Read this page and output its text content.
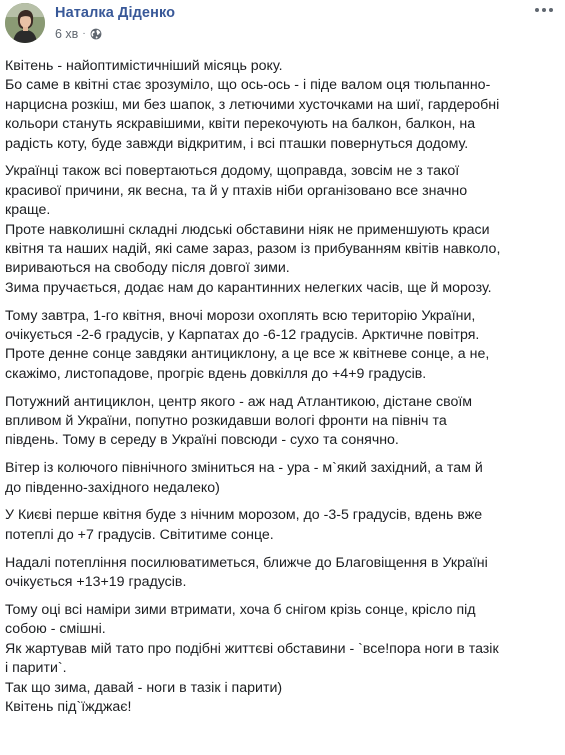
Наталка Діденко
6 хв ·

Квітень - найоптимістичніший місяць року.
Бо саме в квітні стає зрозуміло, що ось-ось - і піде валом оця тюльпанно-
нарцисна розкіш, ми без шапок, з летючими хусточками на шиї, гардеробні
кольори стануть яскравішими, квіти перекочують на балкон, балкон, на
радість коту, буде завжди відкритим, і всі пташки повернуться додому.

Українці також всі повертаються додому, щоправда, зовсім не з такої
красивої причини, як весна, та й у птахів ніби організовано все значно
краще.
Проте навколишні складні людські обставини ніяк не применшують краси
квітня та наших надій, які саме зараз, разом із прибуванням квітів навколо,
вириваються на свободу після довгої зими.
Зима пручається, додає нам до карантинних нелегких часів, ще й морозу.

Тому завтра, 1-го квітня, вночі морози охоплять всю територію України,
очікується -2-6 градусів, у Карпатах до -6-12 градусів. Арктичне повітря.
Проте денне сонце завдяки антициклону, а це все ж квітневе сонце, а не,
скажімо, листопадове, прогріє вдень довкілля до +4+9 градусів.

Потужний антициклон, центр якого - аж над Атлантикою, дістане своїм
впливом й України, попутно розкидавши вологі фронти на північ та
південь. Тому в середу в Україні повсюди - сухо та сонячно.

Вітер із колючого північного зміниться на - ура - м`який західний, а там й
до південно-західного недалеко)

У Києві перше квітня буде з нічним морозом, до -3-5 градусів, вдень вже
потеплі до +7 градусів. Світитиме сонце.

Надалі потепління посилюватиметься, ближче до Благовіщення в Україні
очікується +13+19 градусів.

Тому оці всі наміри зими втримати, хоча б снігом крізь сонце, крісло під
собою - смішні.
Як жартував мій тато про подібні життєві обставини - `все!пора ноги в тазік
і парити`.
Так що зима, давай - ноги в тазік і парити)
Квітень під`їжджає!
